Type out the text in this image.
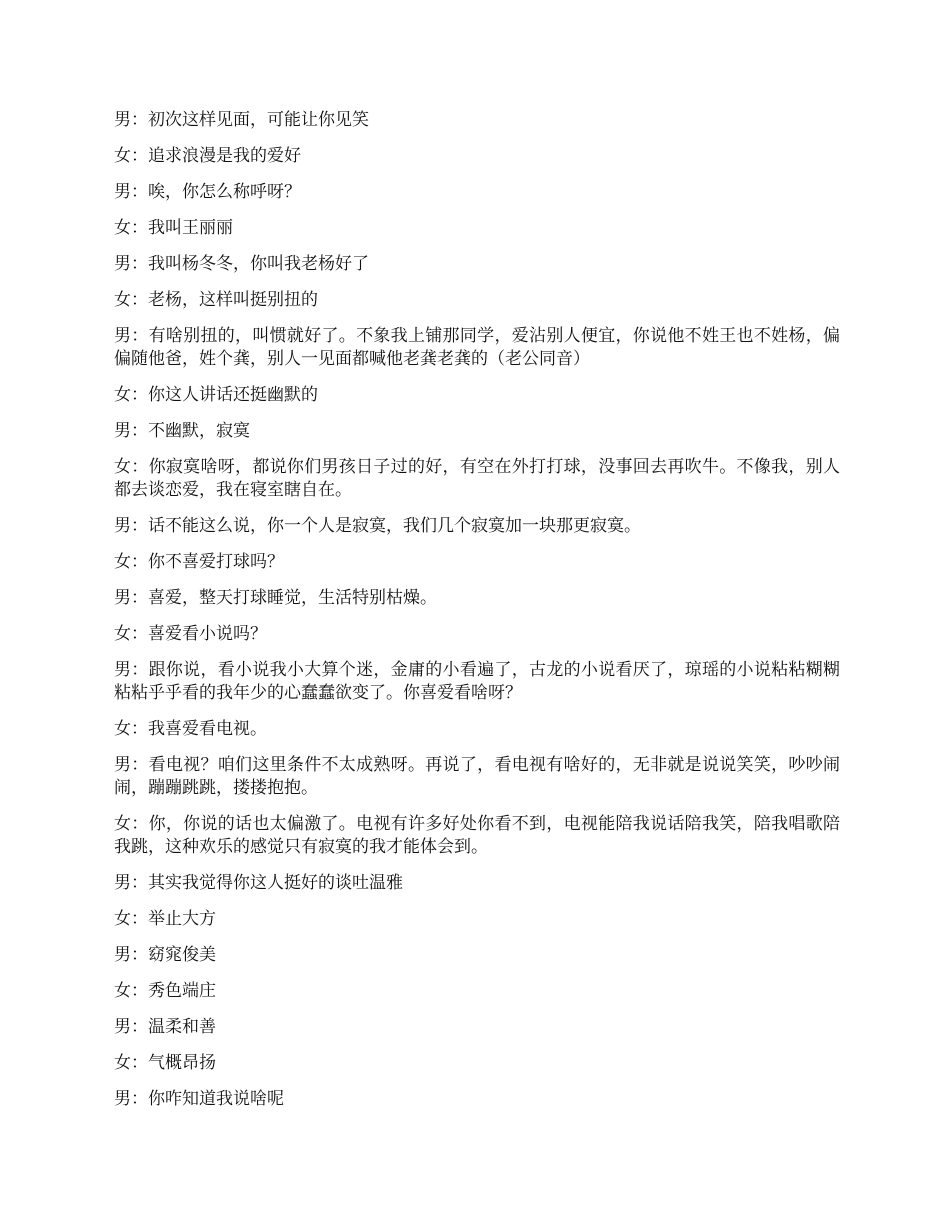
男：初次这样见面，可能让你见笑

女：追求浪漫是我的爱好

男：唉，你怎么称呼呀？

女：我叫王丽丽

男：我叫杨冬冬，你叫我老杨好了

女：老杨，这样叫挺别扭的

男：有啥别扭的，叫惯就好了。不象我上铺那同学，爱沾别人便宜，你说他不姓王也不姓杨，偏偏随他爸，姓个龚，别人一见面都喊他老龚老龚的（老公同音）

女：你这人讲话还挺幽默的

男：不幽默，寂寞

女：你寂寞啥呀，都说你们男孩日子过的好，有空在外打打球，没事回去再吹牛。不像我，别人都去谈恋爱，我在寝室瞎自在。

男：话不能这么说，你一个人是寂寞，我们几个寂寞加一块那更寂寞。

女：你不喜爱打球吗？

男：喜爱，整天打球睡觉，生活特别枯燥。

女：喜爱看小说吗？

男：跟你说，看小说我小大算个迷，金庸的小看遍了，古龙的小说看厌了，琼瑶的小说粘粘糊糊粘粘乎乎看的我年少的心蠢蠢欲变了。你喜爱看啥呀？

女：我喜爱看电视。

男：看电视？咱们这里条件不太成熟呀。再说了，看电视有啥好的，无非就是说说笑笑，吵吵闹闹，蹦蹦跳跳，搂搂抱抱。

女：你，你说的话也太偏激了。电视有许多好处你看不到，电视能陪我说话陪我笑，陪我唱歌陪我跳，这种欢乐的感觉只有寂寞的我才能体会到。

男：其实我觉得你这人挺好的谈吐温雅

女：举止大方

男：窈窕俊美

女：秀色端庄

男：温柔和善

女：气概昂扬

男：你咋知道我说啥呢
